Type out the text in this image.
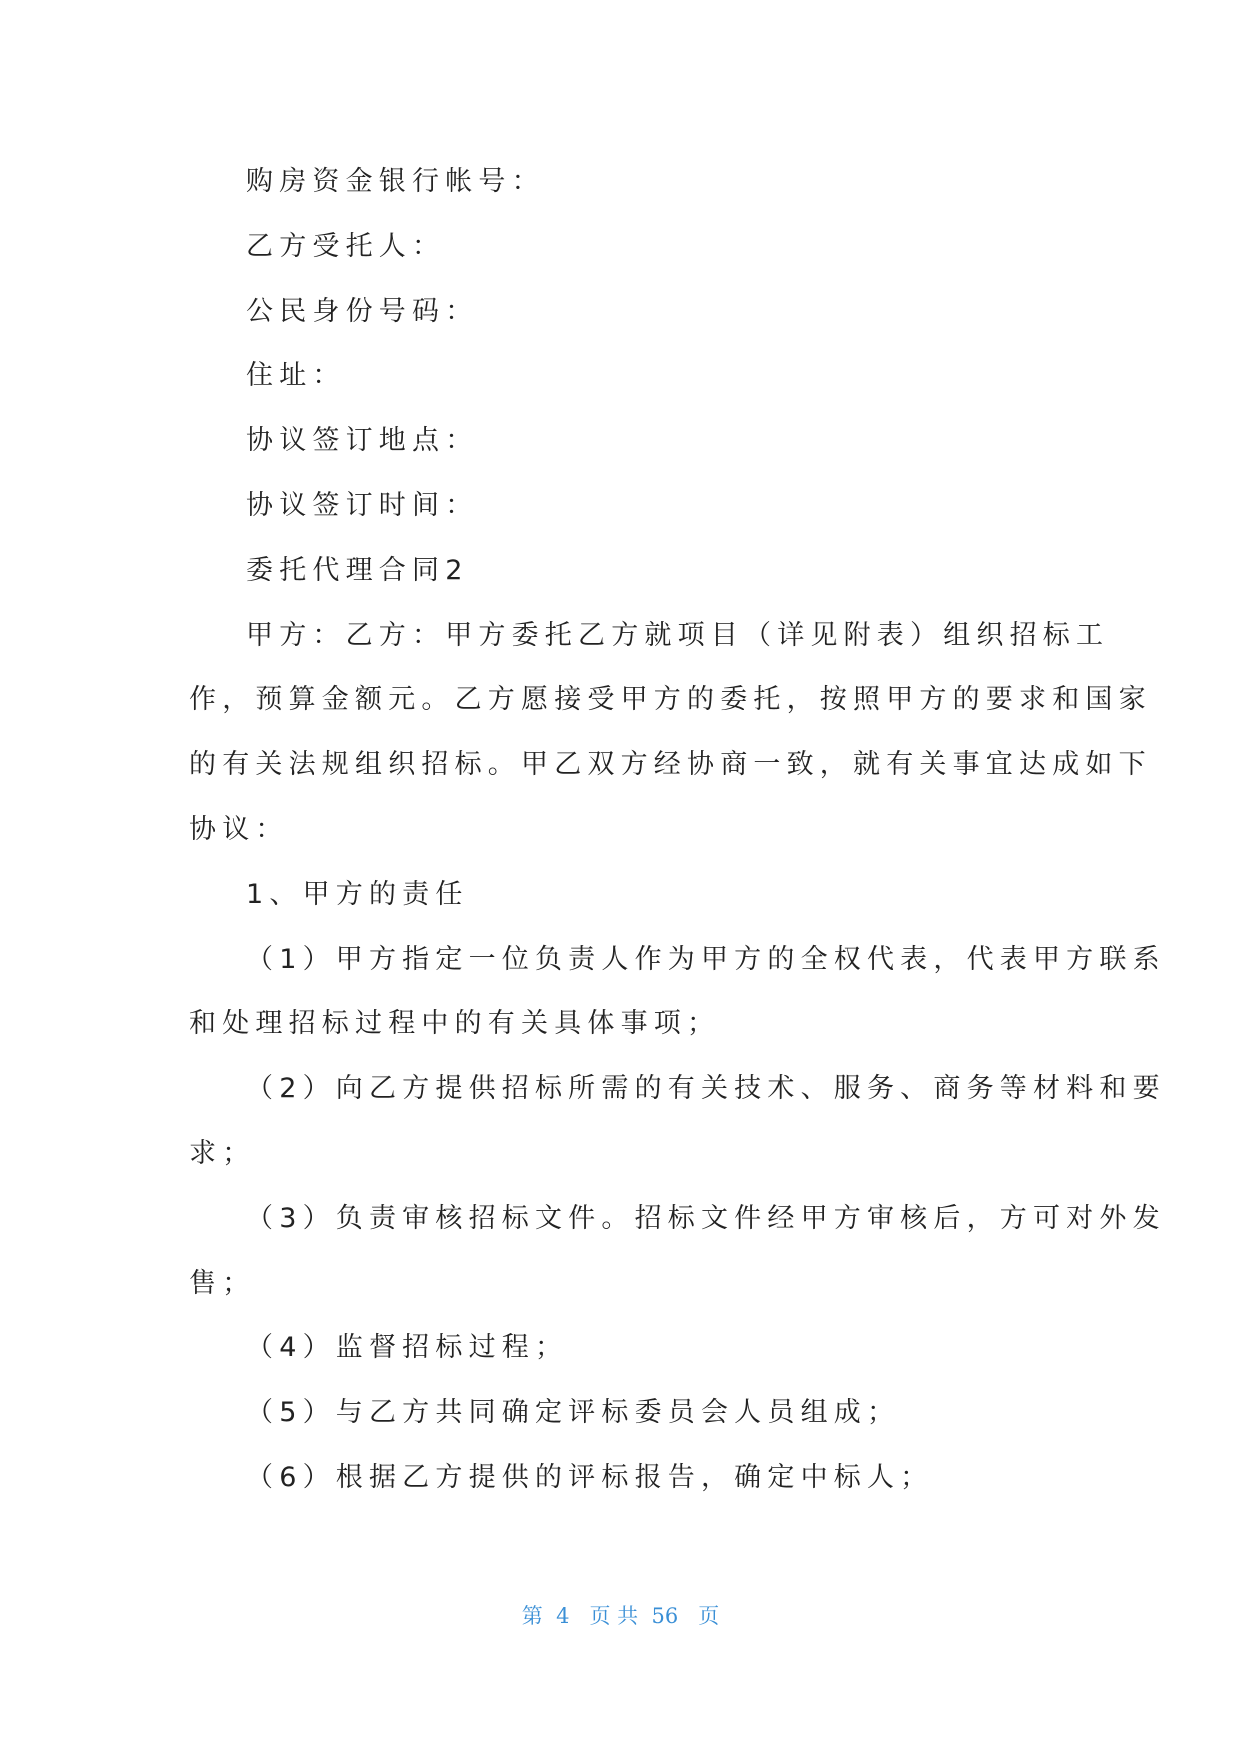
购房资金银行帐号：
乙方受托人：
公民身份号码：
住址：
协议签订地点：
协议签订时间：
委托代理合同2
甲方：乙方：甲方委托乙方就项目（详见附表）组织招标工
作，预算金额元。乙方愿接受甲方的委托，按照甲方的要求和国家
的有关法规组织招标。甲乙双方经协商一致，就有关事宜达成如下
协议：
1、甲方的责任
（1）甲方指定一位负责人作为甲方的全权代表，代表甲方联系
和处理招标过程中的有关具体事项；
（2）向乙方提供招标所需的有关技术、服务、商务等材料和要
求；
（3）负责审核招标文件。招标文件经甲方审核后，方可对外发
售；
（4）监督招标过程；
（5）与乙方共同确定评标委员会人员组成；
（6）根据乙方提供的评标报告，确定中标人；
第  4   页 共  56   页
